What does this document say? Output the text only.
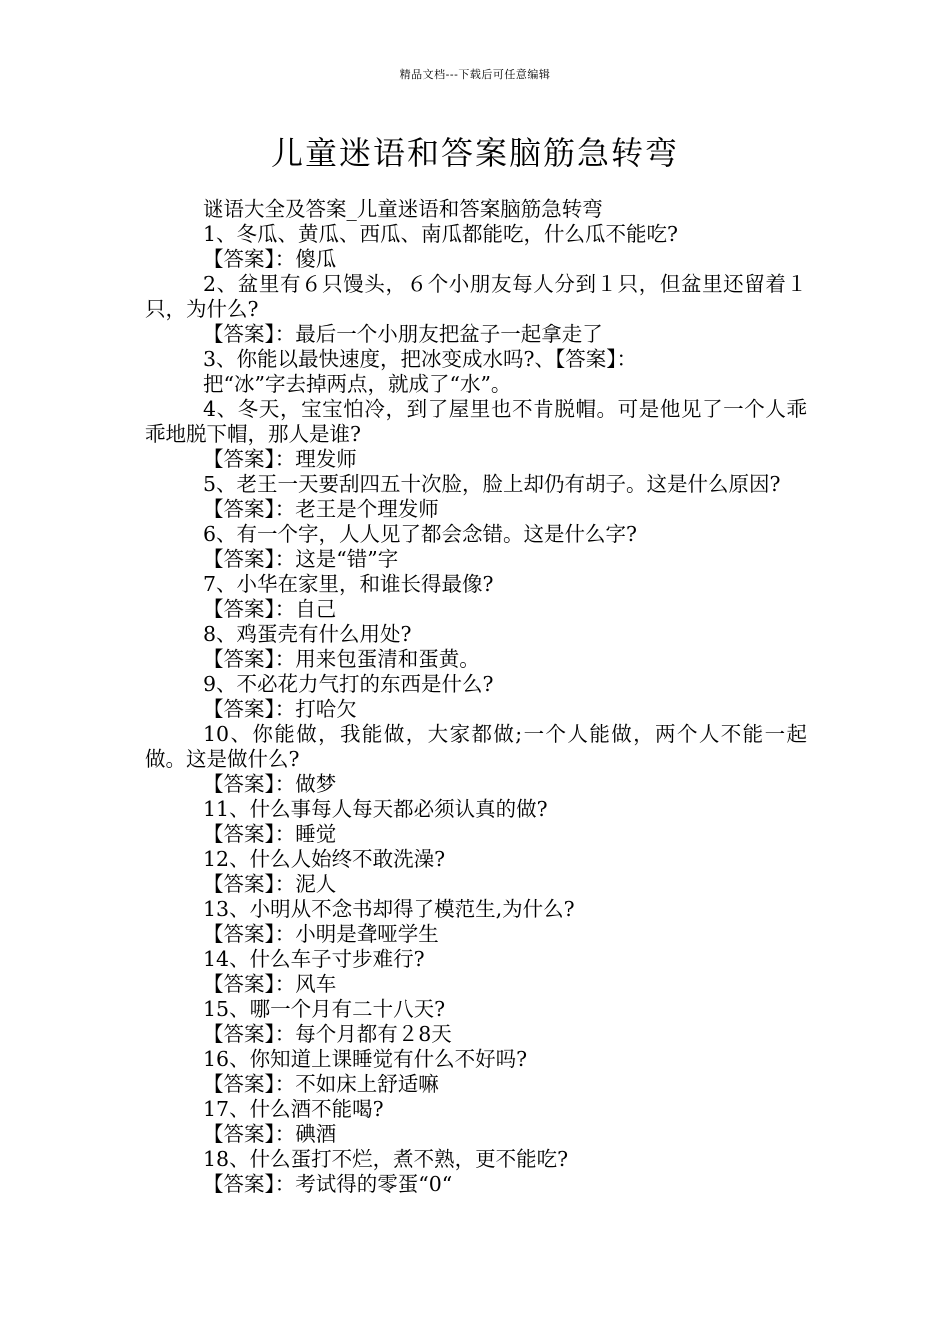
精品文档---下载后可任意编辑
儿童迷语和答案脑筋急转弯
谜语大全及答案_儿童迷语和答案脑筋急转弯
1、冬瓜、黄瓜、西瓜、南瓜都能吃，什么瓜不能吃?
【答案】：傻瓜
2、盆里有６只馒头，６个小朋友每人分到１只，但盆里还留着１只，为什么?
【答案】：最后一个小朋友把盆子一起拿走了
3、你能以最快速度，把冰变成水吗?、【答案】：
把“冰”字去掉两点，就成了“水”。
4、冬天，宝宝怕冷，到了屋里也不肯脱帽。可是他见了一个人乖乖地脱下帽，那人是谁?
【答案】：理发师
5、老王一天要刮四五十次脸，脸上却仍有胡子。这是什么原因?
【答案】：老王是个理发师
6、有一个字，人人见了都会念错。这是什么字?
【答案】：这是“错”字
7、小华在家里，和谁长得最像?
【答案】：自己
8、鸡蛋壳有什么用处?
【答案】：用来包蛋清和蛋黄。
9、不必花力气打的东西是什么?
【答案】：打哈欠
10、你能做，我能做，大家都做;一个人能做，两个人不能一起做。这是做什么?
【答案】：做梦
11、什么事每人每天都必须认真的做?
【答案】：睡觉
12、什么人始终不敢洗澡?
【答案】：泥人
13、小明从不念书却得了模范生,为什么?
【答案】：小明是聋哑学生
14、什么车子寸步难行?
【答案】：风车
15、哪一个月有二十八天?
【答案】：每个月都有２8天
16、你知道上课睡觉有什么不好吗?
【答案】：不如床上舒适嘛
17、什么酒不能喝?
【答案】：碘酒
18、什么蛋打不烂，煮不熟，更不能吃?
【答案】：考试得的零蛋“0“
